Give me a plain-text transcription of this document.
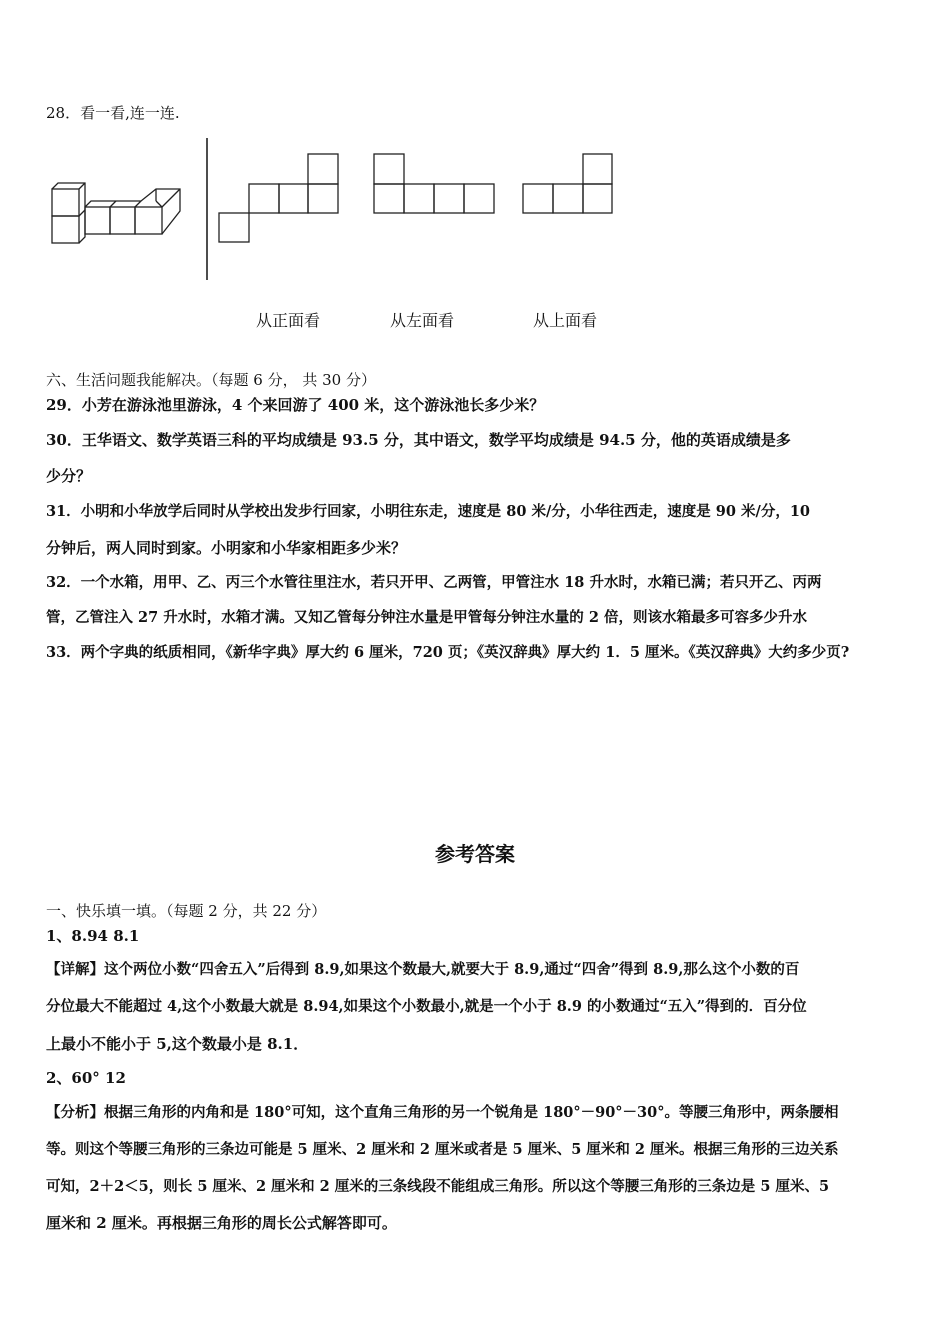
28．看一看,连一连.
从正面看	从左面看	从上面看
六、生活问题我能解决。（每题 6 分， 共 30 分）
29．小芳在游泳池里游泳，4 个来回游了 400 米，这个游泳池长多少米？
30．王华语文、数学英语三科的平均成绩是 93.5 分，其中语文，数学平均成绩是 94.5 分，他的英语成绩是多
少分？
31．小明和小华放学后同时从学校出发步行回家，小明往东走，速度是 80 米/分，小华往西走，速度是 90 米/分，10
分钟后，两人同时到家。小明家和小华家相距多少米？
32．一个水箱，用甲、乙、丙三个水管往里注水，若只开甲、乙两管，甲管注水 18 升水时，水箱已满；若只开乙、丙两
管，乙管注入 27 升水时，水箱才满。又知乙管每分钟注水量是甲管每分钟注水量的 2 倍，则该水箱最多可容多少升水
33．两个字典的纸质相同，《新华字典》厚大约 6 厘米，720 页；《英汉辞典》厚大约 1．5 厘米。《英汉辞典》大约多少页?
参考答案
一、快乐填一填。（每题 2 分，共 22 分）
1、8.94 8.1
【详解】这个两位小数“四舍五入”后得到 8.9,如果这个数最大,就要大于 8.9,通过“四舍”得到 8.9,那么这个小数的百
分位最大不能超过 4,这个小数最大就是 8.94,如果这个小数最小,就是一个小于 8.9 的小数通过“五入”得到的．百分位
上最小不能小于 5,这个数最小是 8.1．
2、60° 12
【分析】根据三角形的内角和是 180°可知，这个直角三角形的另一个锐角是 180°－90°－30°。等腰三角形中，两条腰相
等。则这个等腰三角形的三条边可能是 5 厘米、2 厘米和 2 厘米或者是 5 厘米、5 厘米和 2 厘米。根据三角形的三边关系
可知，2＋2＜5，则长 5 厘米、2 厘米和 2 厘米的三条线段不能组成三角形。所以这个等腰三角形的三条边是 5 厘米、5
厘米和 2 厘米。再根据三角形的周长公式解答即可。
